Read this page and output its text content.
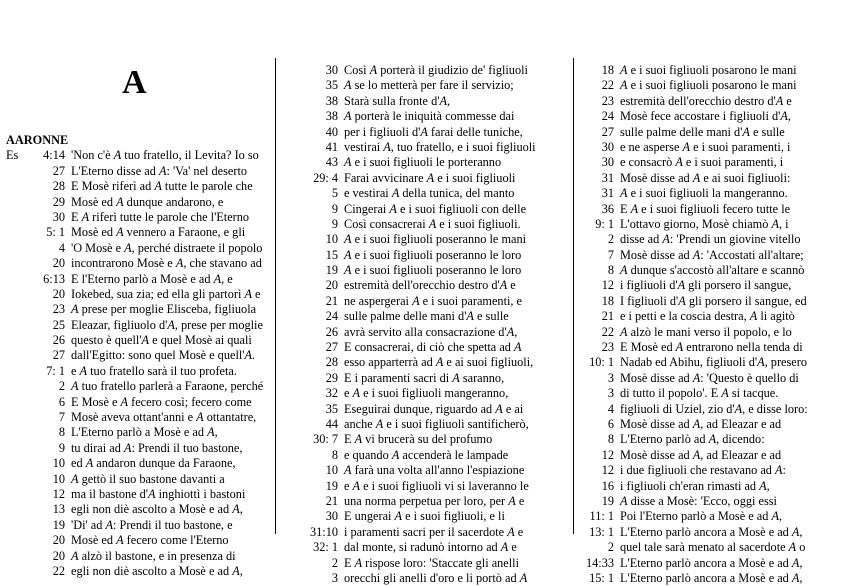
A
AARONNE
Es 4:14 'Non c'è A tuo fratello, il Levita? Io so
27 L'Eterno disse ad A: 'Va' nel deserto
28 E Mosè riferì ad A tutte le parole che
29 Mosè ed A dunque andarono, e
30 E A riferì tutte le parole che l'Eterno
5: 1 Mosè ed A vennero a Faraone, e gli
4 'O Mosè e A, perché distraete il popolo
20 incontrarono Mosè e A, che stavano ad
6:13 E l'Eterno parlò a Mosè e ad A, e
20 Iokebed, sua zia; ed ella gli partorì A e
23 A prese per moglie Elisceba, figliuola
25 Eleazar, figliuolo d'A, prese per moglie
26 questo è quell'A e quel Mosè ai quali
27 dall'Egitto: sono quel Mosè e quell'A.
7: 1 e A tuo fratello sarà il tuo profeta.
2 A tuo fratello parlerà a Faraone, perché
6 E Mosè e A fecero così; fecero come
7 Mosè aveva ottant'anni e A ottantatre,
8 L'Eterno parlò a Mosè e ad A,
9 tu dirai ad A: Prendi il tuo bastone,
10 ed A andaron dunque da Faraone,
10 A gettò il suo bastone davanti a
12 ma il bastone d'A inghiottì i bastoni
13 egli non diè ascolto a Mosè e ad A,
19 'Di' ad A: Prendi il tuo bastone, e
20 Mosè ed A fecero come l'Eterno
20 A alzò il bastone, e in presenza di
22 egli non diè ascolto a Mosè e ad A,
30 Così A porterà il giudizio de' figliuoli
35 A se lo metterà per fare il servizio;
38 Starà sulla fronte d'A,
38 A porterà le iniquità commesse dai
40 per i figliuoli d'A farai delle tuniche,
41 vestirai A, tuo fratello, e i suoi figliuoli
43 A e i suoi figliuoli le porteranno
29: 4 Farai avvicinare A e i suoi figliuoli
5 e vestirai A della tunica, del manto
9 Cingerai A e i suoi figliuoli con delle
9 Così consacrerai A e i suoi figliuoli.
10 A e i suoi figliuoli poseranno le mani
15 A e i suoi figliuoli poseranno le loro
19 A e i suoi figliuoli poseranno le loro
20 estremità dell'orecchio destro d'A e
21 ne aspergerai A e i suoi paramenti, e
24 sulle palme delle mani d'A e sulle
26 avrà servito alla consacrazione d'A,
27 E consacrerai, di ciò che spetta ad A
28 esso apparterrà ad A e ai suoi figliuoli,
29 E i paramenti sacri di A saranno,
32 e A e i suoi figliuoli mangeranno,
35 Eseguirai dunque, riguardo ad A e ai
44 anche A e i suoi figliuoli santificherò,
30: 7 E A vi brucerà su del profumo
8 e quando A accenderà le lampade
10 A farà una volta all'anno l'espiazione
19 e A e i suoi figliuoli vi si laveranno le
21 una norma perpetua per loro, per A e
30 E ungerai A e i suoi figliuoli, e li
31:10 i paramenti sacri per il sacerdote A e
32: 1 dal monte, si radunò intorno ad A e
2 E A rispose loro: 'Staccate gli anelli
3 orecchi gli anelli d'oro e li portò ad A
18 A e i suoi figliuoli posarono le mani
22 A e i suoi figliuoli posarono le mani
23 estremità dell'orecchio destro d'A e
24 Mosè fece accostare i figliuoli d'A,
27 sulle palme delle mani d'A e sulle
30 e ne asperse A e i suoi paramenti, i
30 e consacrò A e i suoi paramenti, i
31 Mosè disse ad A e ai suoi figliuoli:
31 A e i suoi figliuoli la mangeranno.
36 E A e i suoi figliuoli fecero tutte le
9: 1 L'ottavo giorno, Mosè chiamò A, i
2 disse ad A: 'Prendi un giovine vitello
7 Mosè disse ad A: 'Accostati all'altare;
8 A dunque s'accostò all'altare e scannò
12 i figliuoli d'A gli porsero il sangue,
18 I figliuoli d'A gli porsero il sangue, ed
21 e i petti e la coscia destra, A li agitò
22 A alzò le mani verso il popolo, e lo
23 E Mosè ed A entrarono nella tenda di
10: 1 Nadab ed Abihu, figliuoli d'A, presero
3 Mosè disse ad A: 'Questo è quello di
3 di tutto il popolo'. E A si tacque.
4 figliuoli di Uziel, zio d'A, e disse loro:
6 Mosè disse ad A, ad Eleazar e ad
8 L'Eterno parlò ad A, dicendo:
12 Mosè disse ad A, ad Eleazar e ad
12 i due figliuoli che restavano ad A:
16 i figliuoli ch'eran rimasti ad A,
19 A disse a Mosè: 'Ecco, oggi essi
11: 1 Poi l'Eterno parlò a Mosè e ad A,
13: 1 L'Eterno parlò ancora a Mosè e ad A,
2 quel tale sarà menato al sacerdote A o
14:33 L'Eterno parlò ancora a Mosè e ad A,
15: 1 L'Eterno parlò ancora a Mosè e ad A,
